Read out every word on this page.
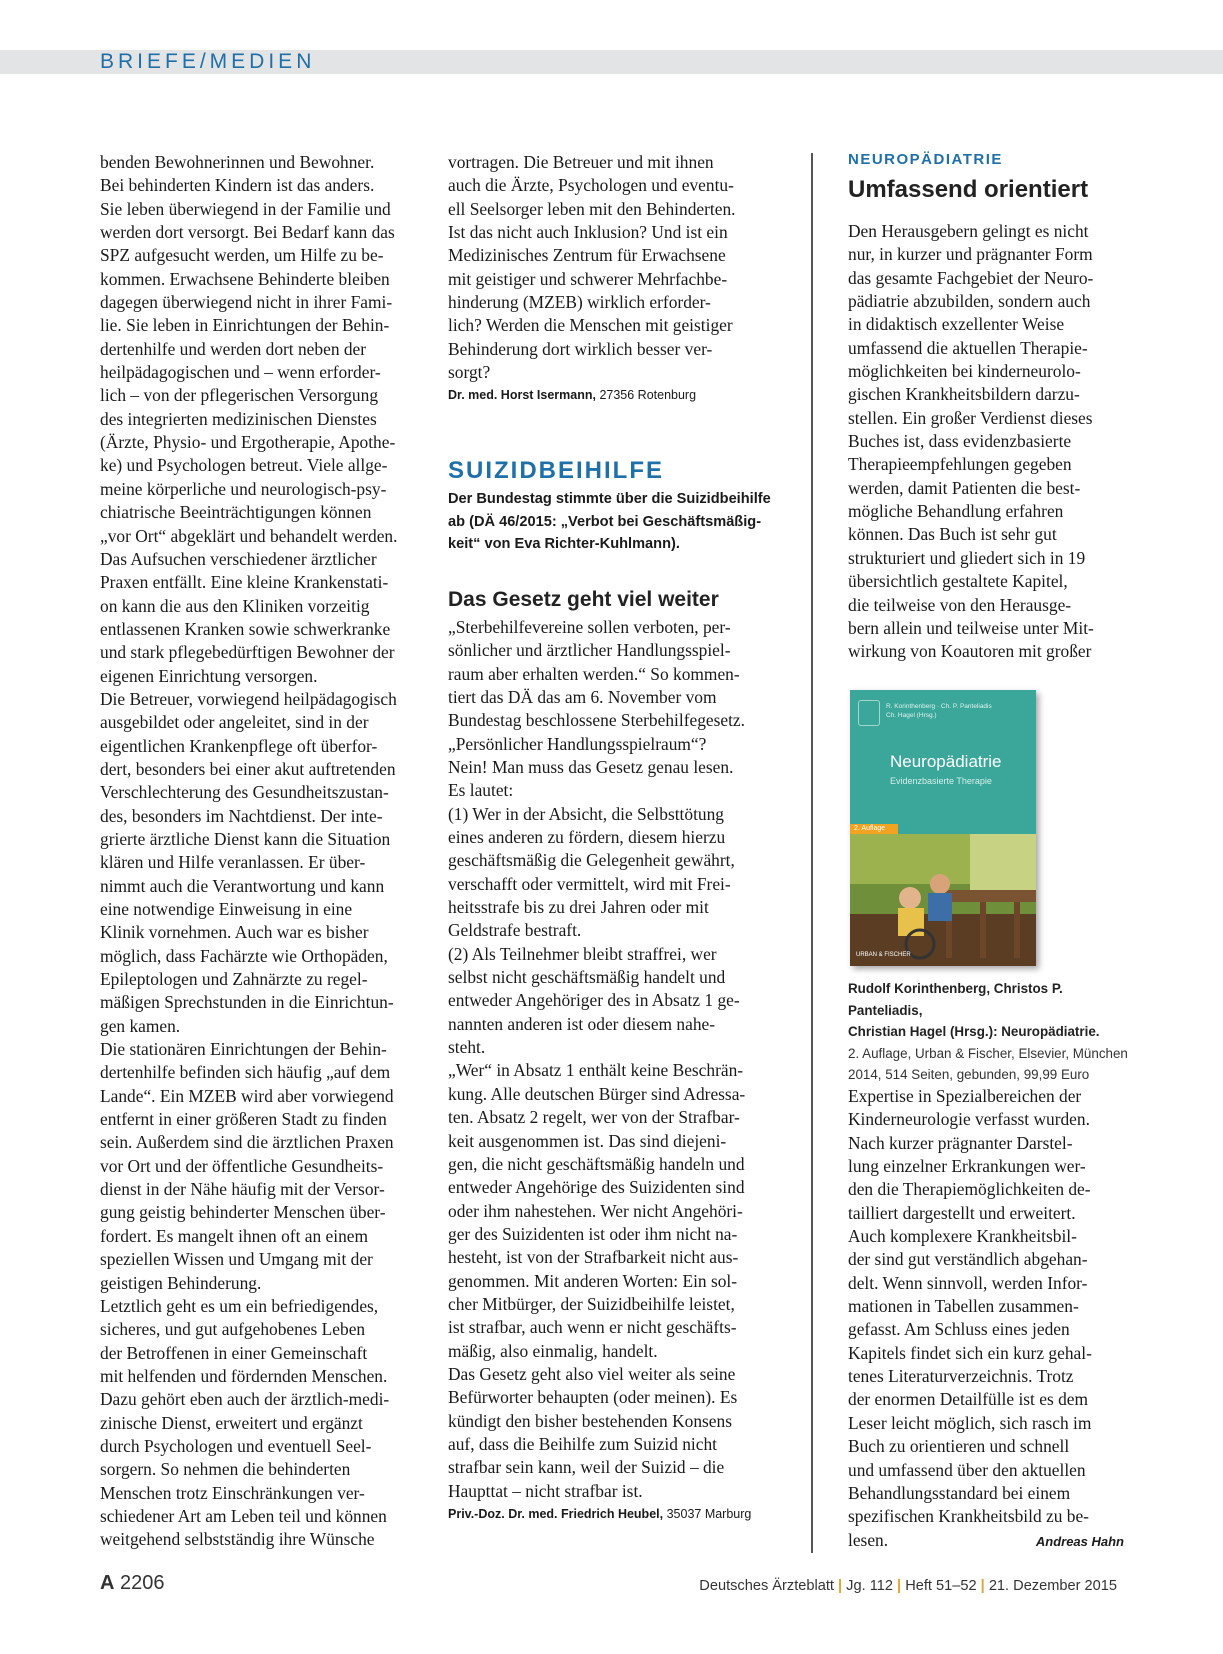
BRIEFE/MEDIEN

benden Bewohnerinnen und Bewohner.
Bei behinderten Kindern ist das anders.
Sie leben überwiegend in der Familie und
werden dort versorgt. Bei Bedarf kann das
SPZ aufgesucht werden, um Hilfe zu be-
kommen. Erwachsene Behinderte bleiben
dagegen überwiegend nicht in ihrer Fami-
lie. Sie leben in Einrichtungen der Behin-
dertenhilfe und werden dort neben der
heilpädagogischen und – wenn erforder-
lich – von der pflegerischen Versorgung
des integrierten medizinischen Dienstes
(Ärzte, Physio- und Ergotherapie, Apothe-
ke) und Psychologen betreut. Viele allge-
meine körperliche und neurologisch-psy-
chiatrische Beeinträchtigungen können
„vor Ort“ abgeklärt und behandelt werden.
Das Aufsuchen verschiedener ärztlicher
Praxen entfällt. Eine kleine Krankenstati-
on kann die aus den Kliniken vorzeitig
entlassenen Kranken sowie schwerkranke
und stark pflegebedürftigen Bewohner der
eigenen Einrichtung versorgen.
Die Betreuer, vorwiegend heilpädagogisch
ausgebildet oder angeleitet, sind in der
eigentlichen Krankenpflege oft überfor-
dert, besonders bei einer akut auftretenden
Verschlechterung des Gesundheitszustan-
des, besonders im Nachtdienst. Der inte-
grierte ärztliche Dienst kann die Situation
klären und Hilfe veranlassen. Er über-
nimmt auch die Verantwortung und kann
eine notwendige Einweisung in eine
Klinik vornehmen. Auch war es bisher
möglich, dass Fachärzte wie Orthopäden,
Epileptologen und Zahnärzte zu regel-
mäßigen Sprechstunden in die Einrichtun-
gen kamen.
Die stationären Einrichtungen der Behin-
dertenhilfe befinden sich häufig „auf dem
Lande“. Ein MZEB wird aber vorwiegend
entfernt in einer größeren Stadt zu finden
sein. Außerdem sind die ärztlichen Praxen
vor Ort und der öffentliche Gesundheits-
dienst in der Nähe häufig mit der Versor-
gung geistig behinderter Menschen über-
fordert. Es mangelt ihnen oft an einem
speziellen Wissen und Umgang mit der
geistigen Behinderung.
Letztlich geht es um ein befriedigendes,
sicheres, und gut aufgehobenes Leben
der Betroffenen in einer Gemeinschaft
mit helfenden und fördernden Menschen.
Dazu gehört eben auch der ärztlich-medi-
zinische Dienst, erweitert und ergänzt
durch Psychologen und eventuell Seel-
sorgern. So nehmen die behinderten
Menschen trotz Einschränkungen ver-
schiedener Art am Leben teil und können
weitgehend selbstständig ihre Wünsche

vortragen. Die Betreuer und mit ihnen
auch die Ärzte, Psychologen und eventu-
ell Seelsorger leben mit den Behinderten.
Ist das nicht auch Inklusion? Und ist ein
Medizinisches Zentrum für Erwachsene
mit geistiger und schwerer Mehrfachbe-
hinderung (MZEB) wirklich erforder-
lich? Werden die Menschen mit geistiger
Behinderung dort wirklich besser ver-
sorgt?

Dr. med. Horst Isermann, 27356 Rotenburg
SUIZIDBEIHILFE

Der Bundestag stimmte über die Suizidbeihilfe
ab (DÄ 46/2015: „Verbot bei Geschäftsmäßig-
keit“ von Eva Richter-Kuhlmann).

Das Gesetz geht viel weiter

„Sterbehilfevereine sollen verboten, per-
sönlicher und ärztlicher Handlungsspiel-
raum aber erhalten werden.“ So kommen-
tiert das DÄ das am 6. November vom
Bundestag beschlossene Sterbehilfegesetz.
„Persönlicher Handlungsspielraum“?
Nein! Man muss das Gesetz genau lesen.
Es lautet:
(1) Wer in der Absicht, die Selbsttötung
eines anderen zu fördern, diesem hierzu
geschäftsmäßig die Gelegenheit gewährt,
verschafft oder vermittelt, wird mit Frei-
heitsstrafe bis zu drei Jahren oder mit
Geldstrafe bestraft.
(2) Als Teilnehmer bleibt straffrei, wer
selbst nicht geschäftsmäßig handelt und
entweder Angehöriger des in Absatz 1 ge-
nannten anderen ist oder diesem nahe-
steht.
„Wer“ in Absatz 1 enthält keine Beschrän-
kung. Alle deutschen Bürger sind Adressa-
ten. Absatz 2 regelt, wer von der Strafbar-
keit ausgenommen ist. Das sind diejeni-
gen, die nicht geschäftsmäßig handeln und
entweder Angehörige des Suizidenten sind
oder ihm nahestehen. Wer nicht Angehöri-
ger des Suizidenten ist oder ihm nicht na-
hesteht, ist von der Strafbarkeit nicht aus-
genommen. Mit anderen Worten: Ein sol-
cher Mitbürger, der Suizidbeihilfe leistet,
ist strafbar, auch wenn er nicht geschäfts-
mäßig, also einmalig, handelt.
Das Gesetz geht also viel weiter als seine
Befürworter behaupten (oder meinen). Es
kündigt den bisher bestehenden Konsens
auf, dass die Beihilfe zum Suizid nicht
strafbar sein kann, weil der Suizid – die
Haupttat – nicht strafbar ist.

Priv.-Doz. Dr. med. Friedrich Heubel, 35037 Marburg
NEUROPÄDIATRIE
Umfassend orientiert

Den Herausgebern gelingt es nicht
nur, in kurzer und prägnanter Form
das gesamte Fachgebiet der Neuro-
pädiatrie abzubilden, sondern auch
in didaktisch exzellenter Weise
umfassend die aktuellen Therapie-
möglichkeiten bei kinderneurolo-
gischen Krankheitsbildern darzu-
stellen. Ein großer Verdienst dieses
Buches ist, dass evidenzbasierte
Therapieempfehlungen gegeben
werden, damit Patienten die best-
mögliche Behandlung erfahren
können. Das Buch ist sehr gut
strukturiert und gliedert sich in 19
übersichtlich gestaltete Kapitel,
die teilweise von den Herausge-
bern allein und teilweise unter Mit-
wirkung von Koautoren mit großer

R. Korinthenberg · Ch. P. Panteliadis
Ch. Hagel (Hrsg.)
Neuropädiatrie
Evidenzbasierte Therapie
2. Auflage
URBAN & FISCHER
Rudolf Korinthenberg, Christos P. Panteliadis,
Christian Hagel (Hrsg.): Neuropädiatrie.
2. Auflage, Urban & Fischer, Elsevier, München
2014, 514 Seiten, gebunden, 99,99 Euro

Expertise in Spezialbereichen der
Kinderneurologie verfasst wurden.
Nach kurzer prägnanter Darstel-
lung einzelner Erkrankungen wer-
den die Therapiemöglichkeiten de-
tailliert dargestellt und erweitert.
Auch komplexere Krankheitsbil-
der sind gut verständlich abgehan-
delt. Wenn sinnvoll, werden Infor-
mationen in Tabellen zusammen-
gefasst. Am Schluss eines jeden
Kapitels findet sich ein kurz gehal-
tenes Literaturverzeichnis. Trotz
der enormen Detailfülle ist es dem
Leser leicht möglich, sich rasch im
Buch zu orientieren und schnell
und umfassend über den aktuellen
Behandlungsstandard bei einem
spezifischen Krankheitsbild zu be-

lesen.	Andreas Hahn
A 2206	Deutsches Ärzteblatt | Jg. 112 | Heft 51–52 | 21. Dezember 2015
